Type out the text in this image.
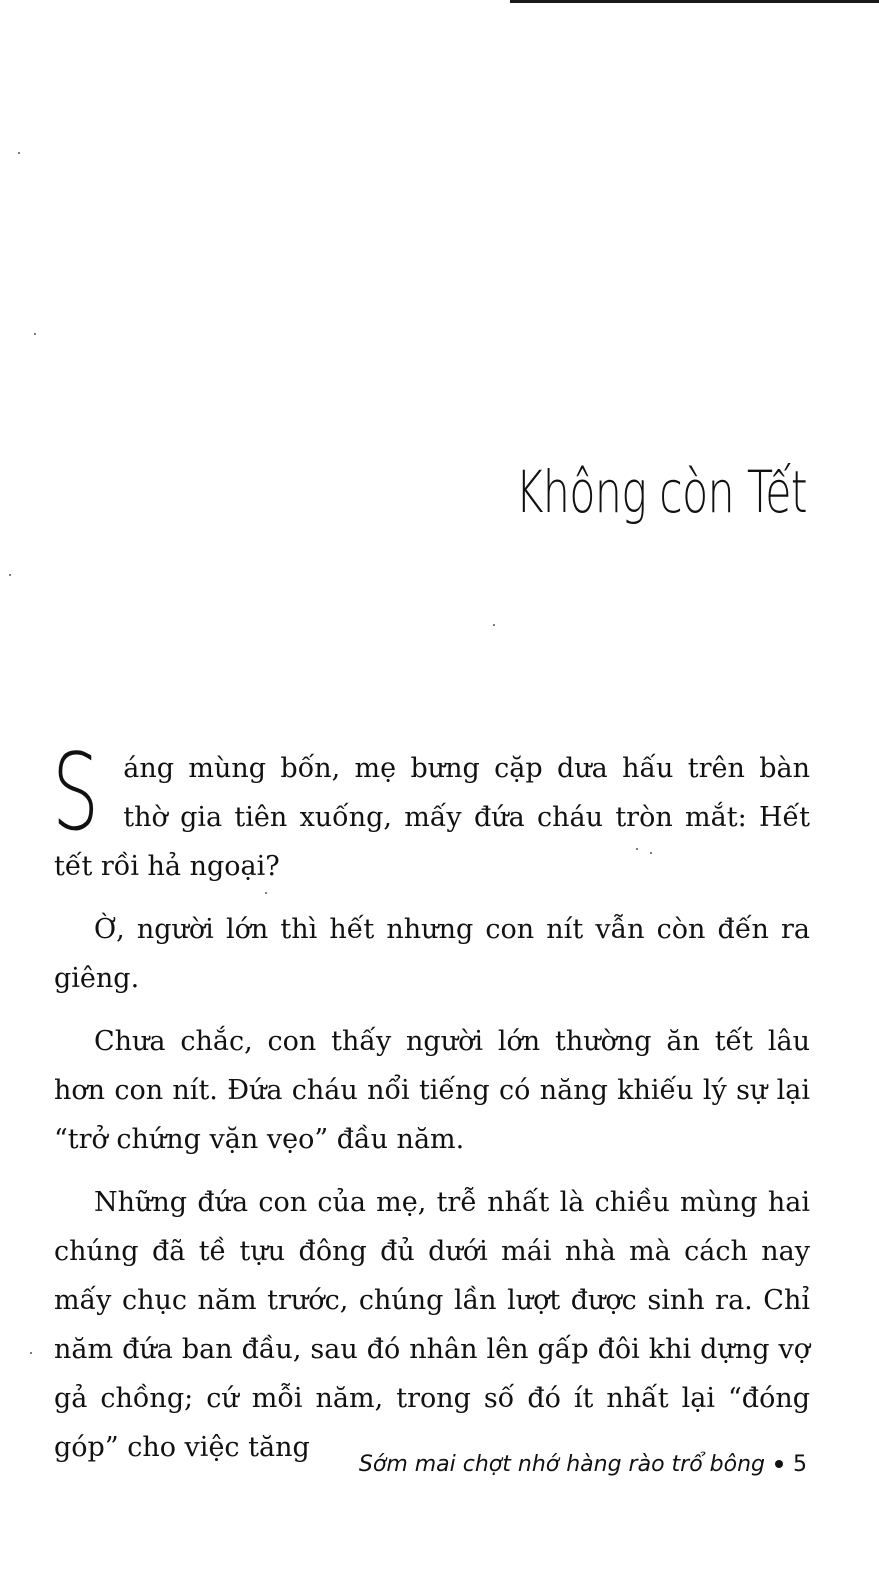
Không còn Tết

Sáng mùng bốn, mẹ bưng cặp dưa hấu trên bàn thờ gia tiên xuống, mấy đứa cháu tròn mắt: Hết tết rồi hả ngoại?

Ờ, người lớn thì hết nhưng con nít vẫn còn đến ra giêng.

Chưa chắc, con thấy người lớn thường ăn tết lâu hơn con nít. Đứa cháu nổi tiếng có năng khiếu lý sự lại “trở chứng vặn vẹo” đầu năm.

Những đứa con của mẹ, trễ nhất là chiều mùng hai chúng đã tề tựu đông đủ dưới mái nhà mà cách nay mấy chục năm trước, chúng lần lượt được sinh ra. Chỉ năm đứa ban đầu, sau đó nhân lên gấp đôi khi dựng vợ gả chồng; cứ mỗi năm, trong số đó ít nhất lại “đóng góp” cho việc tăng

Sớm mai chợt nhớ hàng rào trổ bông 5
